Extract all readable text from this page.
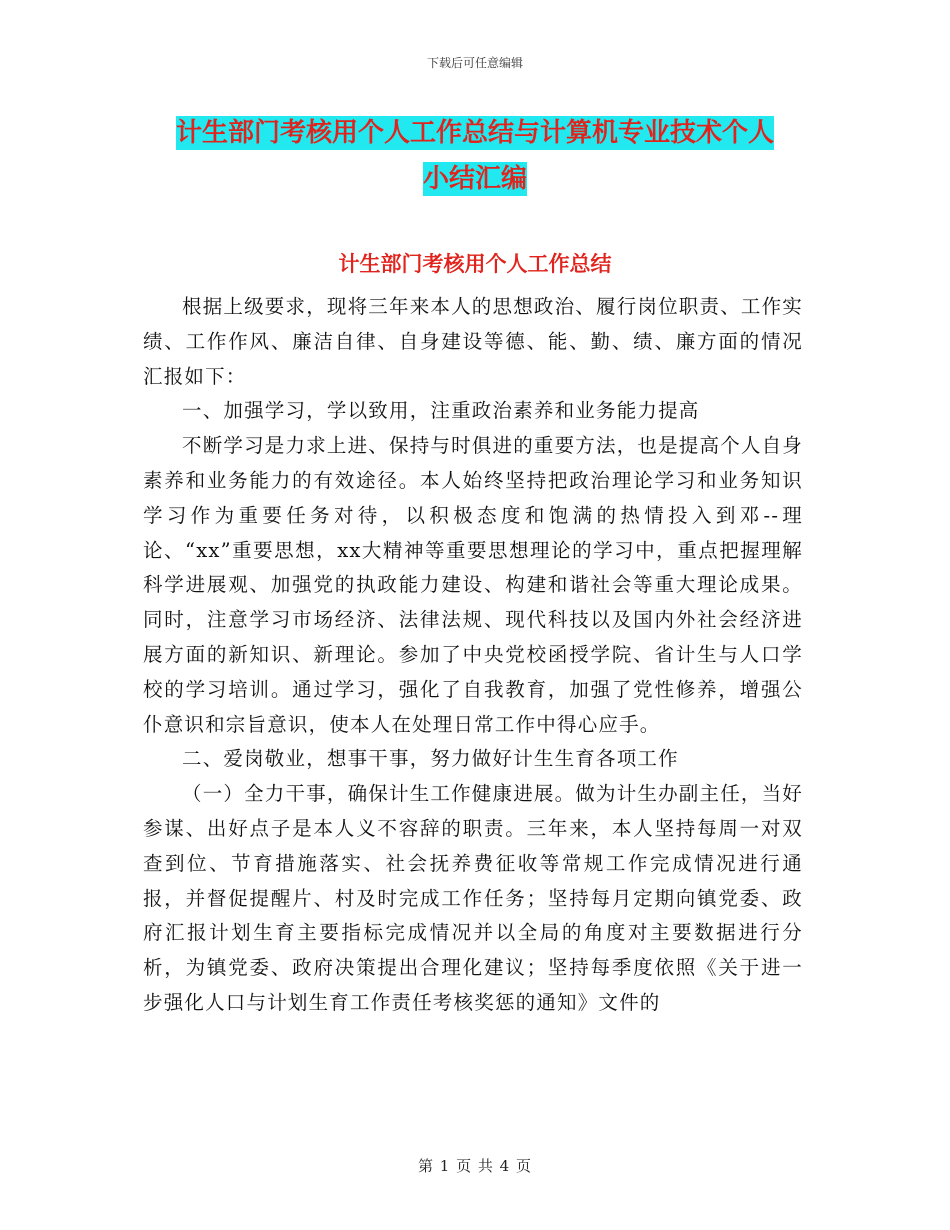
下载后可任意编辑
计生部门考核用个人工作总结与计算机专业技术个人
小结汇编
计生部门考核用个人工作总结

根据上级要求，现将三年来本人的思想政治、履行岗位职责、工作实绩、工作作风、廉洁自律、自身建设等德、能、勤、绩、廉方面的情况汇报如下：

一、加强学习，学以致用，注重政治素养和业务能力提高

不断学习是力求上进、保持与时俱进的重要方法，也是提高个人自身素养和业务能力的有效途径。本人始终坚持把政治理论学习和业务知识学习作为重要任务对待，以积极态度和饱满的热情投入到邓--理论、“xx”重要思想，xx大精神等重要思想理论的学习中，重点把握理解科学进展观、加强党的执政能力建设、构建和谐社会等重大理论成果。同时，注意学习市场经济、法律法规、现代科技以及国内外社会经济进展方面的新知识、新理论。参加了中央党校函授学院、省计生与人口学校的学习培训。通过学习，强化了自我教育，加强了党性修养，增强公仆意识和宗旨意识，使本人在处理日常工作中得心应手。

二、爱岗敬业，想事干事，努力做好计生生育各项工作

（一）全力干事，确保计生工作健康进展。做为计生办副主任，当好参谋、出好点子是本人义不容辞的职责。三年来，本人坚持每周一对双查到位、节育措施落实、社会抚养费征收等常规工作完成情况进行通报，并督促提醒片、村及时完成工作任务；坚持每月定期向镇党委、政府汇报计划生育主要指标完成情况并以全局的角度对主要数据进行分析，为镇党委、政府决策提出合理化建议；坚持每季度依照《关于进一步强化人口与计划生育工作责任考核奖惩的通知》文件的

第 1 页 共 4 页
